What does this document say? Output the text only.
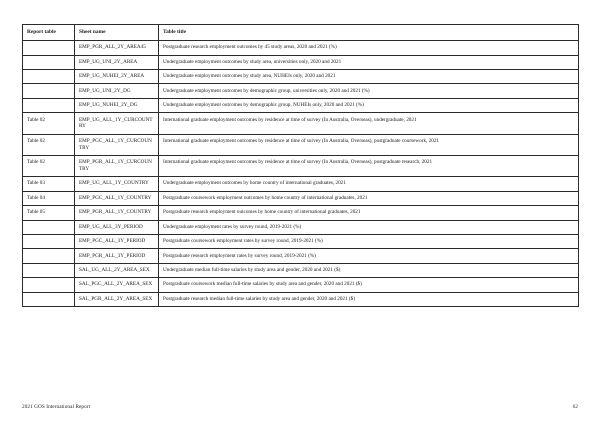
Report table	Sheet name	Table title
	EMP_PGR_ALL_2Y_AREA45	Postgraduate research employment outcomes by 45 study areas, 2020 and 2021 (%)
	EMP_UG_UNI_2Y_AREA	Undergraduate employment outcomes by study area, universities only, 2020 and 2021
	EMP_UG_NUHEI_2Y_AREA	Undergraduate employment outcomes by study area, NUHEIs only, 2020 and 2021
	EMP_UG_UNI_2Y_DG	Undergraduate employment outcomes by demographic group, universities only, 2020 and 2021 (%)
	EMP_UG_NUHEI_2Y_DG	Undergraduate employment outcomes by demographic group, NUHEIs only, 2020 and 2021 (%)
Table 02	EMP_UG_ALL_1Y_CURCOUNTRY	International graduate employment outcomes by residence at time of survey (In Australia, Overseas), undergraduate, 2021
Table 02	EMP_PGC_ALL_1Y_CURCOUNTRY	International graduate employment outcomes by residence at time of survey (In Australia, Overseas), postgraduate coursework, 2021
Table 02	EMP_PGR_ALL_1Y_CURCOUNTRY	International graduate employment outcomes by residence at time of survey (In Australia, Overseas), postgraduate research, 2021
Table 03	EMP_UG_ALL_1Y_COUNTRY	Undergraduate employment outcomes by home country of international graduates, 2021
Table 04	EMP_PGC_ALL_1Y_COUNTRY	Postgraduate coursework employment outcomes by home country of international graduates, 2021
Table 05	EMP_PGR_ALL_1Y_COUNTRY	Postgraduate research employment outcomes by home country of international graduates, 2021
	EMP_UG_ALL_3Y_PERIOD	Undergraduate employment rates by survey round, 2019-2021 (%)
	EMP_PGC_ALL_3Y_PERIOD	Postgraduate coursework employment rates by survey round, 2019-2021 (%)
	EMP_PGR_ALL_3Y_PERIOD	Postgraduate research employment rates by survey round, 2019-2021 (%)
	SAL_UG_ALL_2Y_AREA_SEX	Undergraduate median full-time salaries by study area and gender, 2020 and 2021 ($)
	SAL_PGC_ALL_2Y_AREA_SEX	Postgraduate coursework median full-time salaries by study area and gender, 2020 and 2021 ($)
	SAL_PGR_ALL_2Y_AREA_SEX	Postgraduate research median full-time salaries by study area and gender, 2020 and 2021 ($)
2021 GOS International Report	62
